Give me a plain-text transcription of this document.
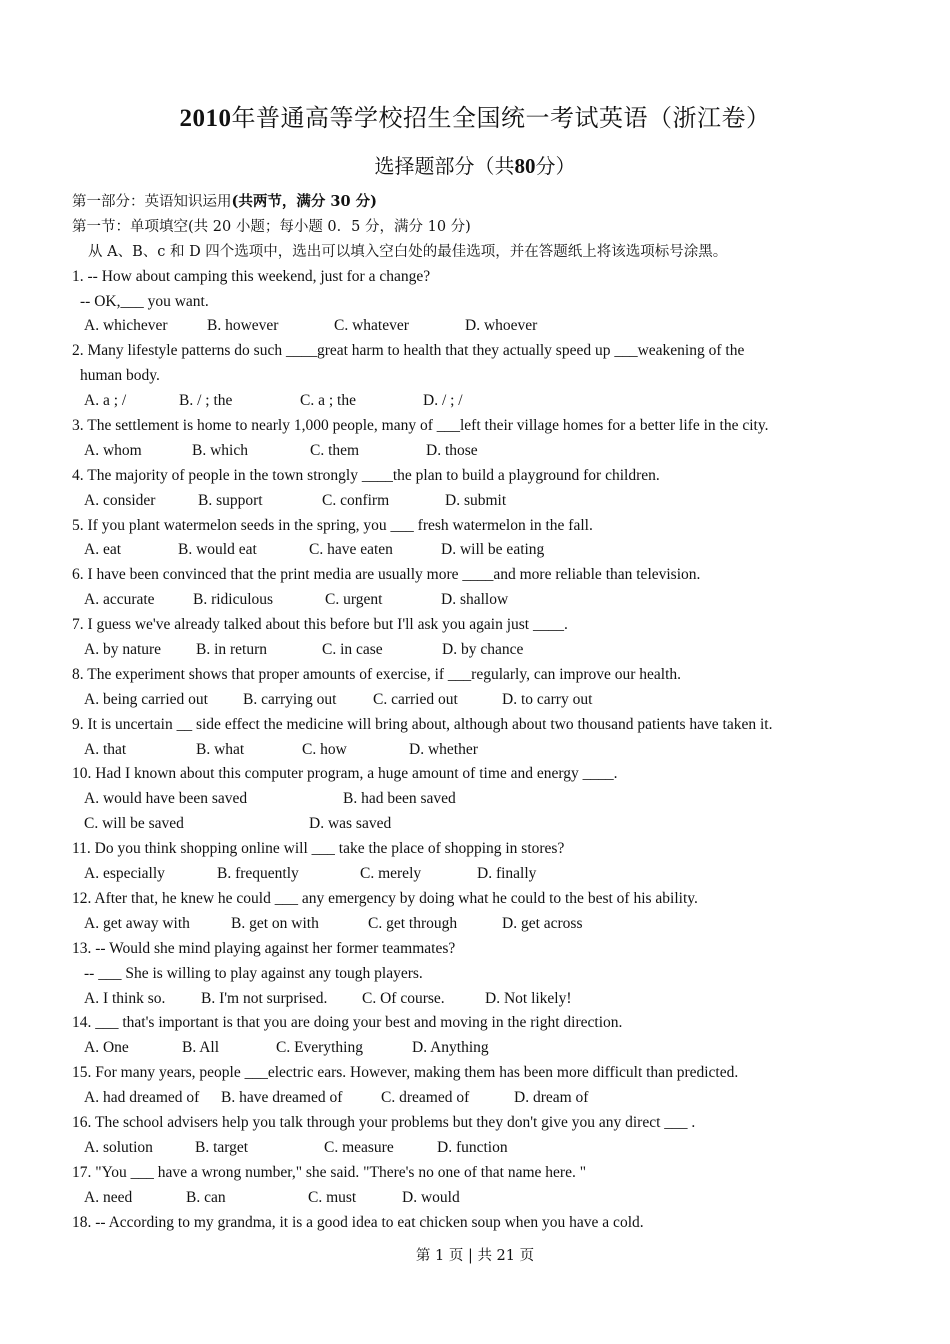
2010年普通高等学校招生全国统一考试英语（浙江卷）
选择题部分（共80分）
第一部分：英语知识运用(共两节，满分 30 分)
第一节：单项填空(共 20 小题；每小题 0．5 分，满分 10 分)
从 A、B、c 和 D 四个选项中，选出可以填入空白处的最佳选项，并在答题纸上将该选项标号涂黑。
1. -- How about camping this weekend, just for a change?
-- OK,___ you want.
A. whichever	B. however	C. whatever	D. whoever
2. Many lifestyle patterns do such ____great harm to health that they actually speed up ___weakening of the
human body.
A. a ; /	B. / ; the	C. a ; the	D. / ; /
3. The settlement is home to nearly 1,000 people, many of ___left their village homes for a better life in the city.
A. whom	B. which	C. them	D. those
4. The majority of people in the town strongly ____the plan to build a playground for children.
A. consider	B. support	C. confirm	D. submit
5. If you plant watermelon seeds in the spring, you ___ fresh watermelon in the fall.
A. eat	B. would eat	C. have eaten	D. will be eating
6. I have been convinced that the print media are usually more ____and more reliable than television.
A. accurate B. ridiculous	C. urgent	D. shallow
7. I guess we've already talked about this before but I'll ask you again just ____.
A. by nature B. in return	C. in case	D. by chance
8. The experiment shows that proper amounts of exercise, if ___regularly, can improve our health.
A. being carried out B. carrying out C. carried out	D. to carry out
9. It is uncertain __ side effect the medicine will bring about, although about two thousand patients have taken it.
A. that	B. what	C. how	D. whether
10. Had I known about this computer program, a huge amount of time and energy ____.
A. would have been saved	B. had been saved
C. will be saved	D. was saved
11. Do you think shopping online will ___ take the place of shopping in stores?
A. especially	B. frequently	C. merely	D. finally
12. After that, he knew he could ___ any emergency by doing what he could to the best of his ability.
A. get away with	B. get on with	C. get through	D. get across
13. -- Would she mind playing against her former teammates?
-- ___ She is willing to play against any tough players.
A. I think so. B. I'm not surprised. C. Of course.	D. Not likely!
14. ___ that's important is that you are doing your best and moving in the right direction.
A. One	B. All	C. Everything	D. Anything
15. For many years, people ___electric ears. However, making them has been more difficult than predicted.
A. had dreamed of B. have dreamed of C. dreamed of	D. dream of
16. The school advisers help you talk through your problems but they don't give you any direct ___ .
A. solution	B. target	C. measure	D. function
17. "You ___ have a wrong number," she said. "There's no one of that name here. "
A. need	B. can	C. must	D. would
18. -- According to my grandma, it is a good idea to eat chicken soup when you have a cold.
第 1 页 | 共 21 页
